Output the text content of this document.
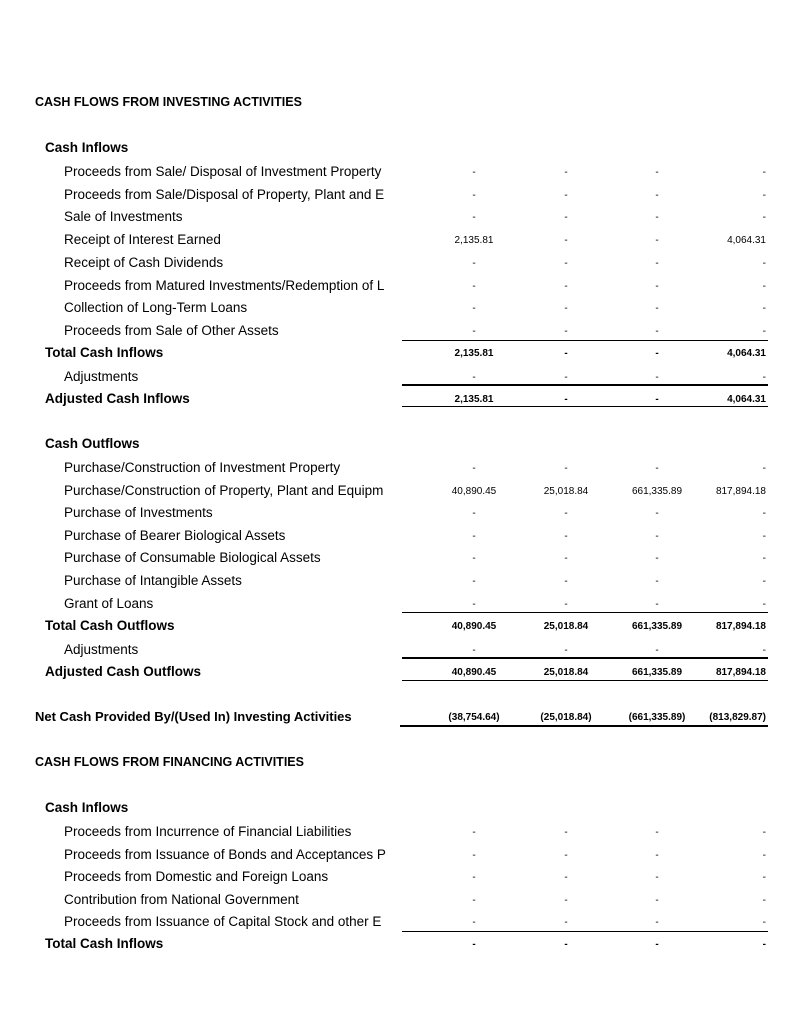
CASH FLOWS FROM INVESTING ACTIVITIES
Cash Inflows
Proceeds from Sale/ Disposal of Investment Property	-	-	-	-
Proceeds from Sale/Disposal of Property, Plant and E	-	-	-	-
Sale of Investments	-	-	-	-
Receipt of Interest Earned	2,135.81	-	-	4,064.31
Receipt of Cash Dividends	-	-	-	-
Proceeds from Matured Investments/Redemption of L	-	-	-	-
Collection of Long-Term Loans	-	-	-	-
Proceeds from Sale of Other Assets	-	-	-	-
Total Cash Inflows	2,135.81	-	-	4,064.31
Adjustments	-	-	-	-
Adjusted Cash Inflows	2,135.81	-	-	4,064.31
Cash Outflows
Purchase/Construction of Investment Property	-	-	-	-
Purchase/Construction of Property, Plant and Equipm	40,890.45	25,018.84	661,335.89	817,894.18
Purchase of Investments	-	-	-	-
Purchase of Bearer Biological Assets	-	-	-	-
Purchase of Consumable Biological Assets	-	-	-	-
Purchase of Intangible Assets	-	-	-	-
Grant of Loans	-	-	-	-
Total Cash Outflows	40,890.45	25,018.84	661,335.89	817,894.18
Adjustments	-	-	-	-
Adjusted Cash Outflows	40,890.45	25,018.84	661,335.89	817,894.18
Net Cash Provided By/(Used In) Investing Activities	(38,754.64)	(25,018.84)	(661,335.89)	(813,829.87)
CASH FLOWS FROM FINANCING ACTIVITIES
Cash Inflows
Proceeds from Incurrence of Financial Liabilities	-	-	-	-
Proceeds from Issuance of Bonds and Acceptances P	-	-	-	-
Proceeds from Domestic and Foreign Loans	-	-	-	-
Contribution from National Government	-	-	-	-
Proceeds from Issuance of Capital Stock and other E	-	-	-	-
Total Cash Inflows	-	-	-	-
